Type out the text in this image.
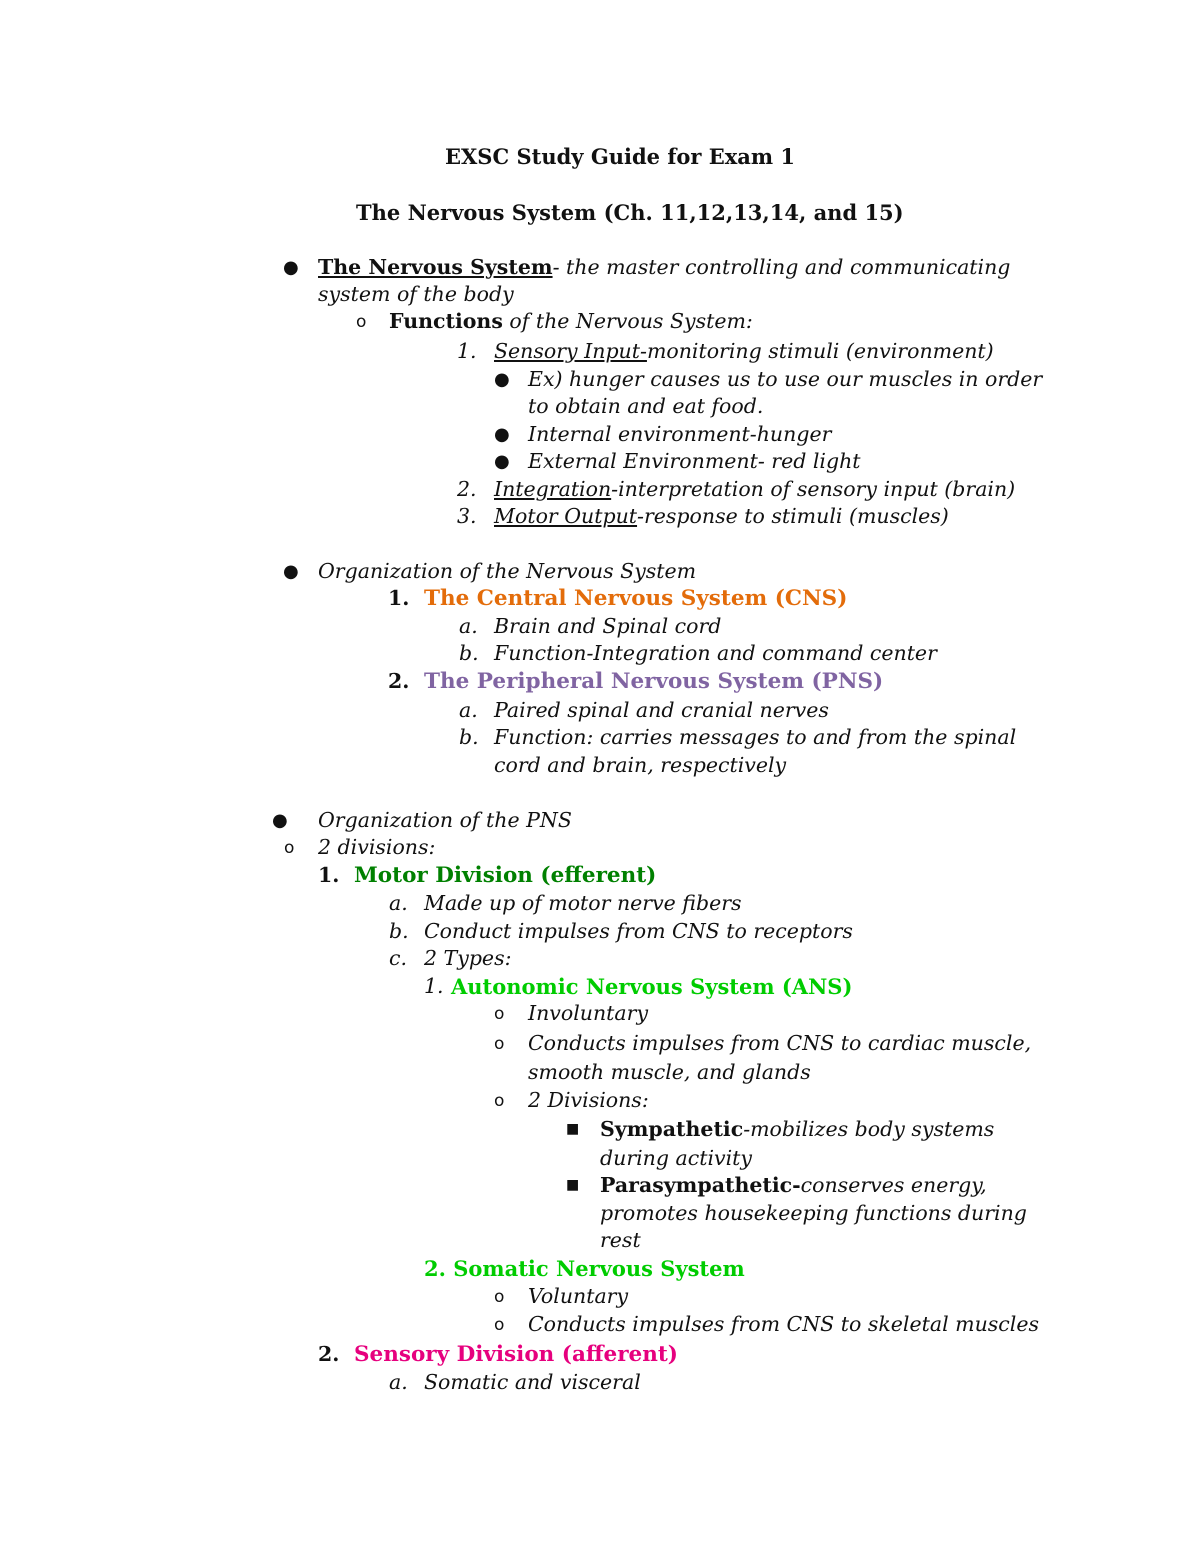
EXSC Study Guide for Exam 1
The Nervous System (Ch. 11,12,13,14, and 15)
● The Nervous System- the master controlling and communicating
system of the body
o Functions of the Nervous System:
1. Sensory Input-monitoring stimuli (environment)
● Ex) hunger causes us to use our muscles in order
to obtain and eat food.
● Internal environment-hunger
● External Environment- red light
2. Integration-interpretation of sensory input (brain)
3. Motor Output-response to stimuli (muscles)
● Organization of the Nervous System
1. The Central Nervous System (CNS)
a. Brain and Spinal cord
b. Function-Integration and command center
2. The Peripheral Nervous System (PNS)
a. Paired spinal and cranial nerves
b. Function: carries messages to and from the spinal
cord and brain, respectively
● Organization of the PNS
o 2 divisions:
1. Motor Division (efferent)
a. Made up of motor nerve fibers
b. Conduct impulses from CNS to receptors
c. 2 Types:
1. Autonomic Nervous System (ANS)
o Involuntary
o Conducts impulses from CNS to cardiac muscle,
smooth muscle, and glands
o 2 Divisions:
■ Sympathetic-mobilizes body systems
during activity
■ Parasympathetic-conserves energy,
promotes housekeeping functions during
rest
2. Somatic Nervous System
o Voluntary
o Conducts impulses from CNS to skeletal muscles
2. Sensory Division (afferent)
a. Somatic and visceral
